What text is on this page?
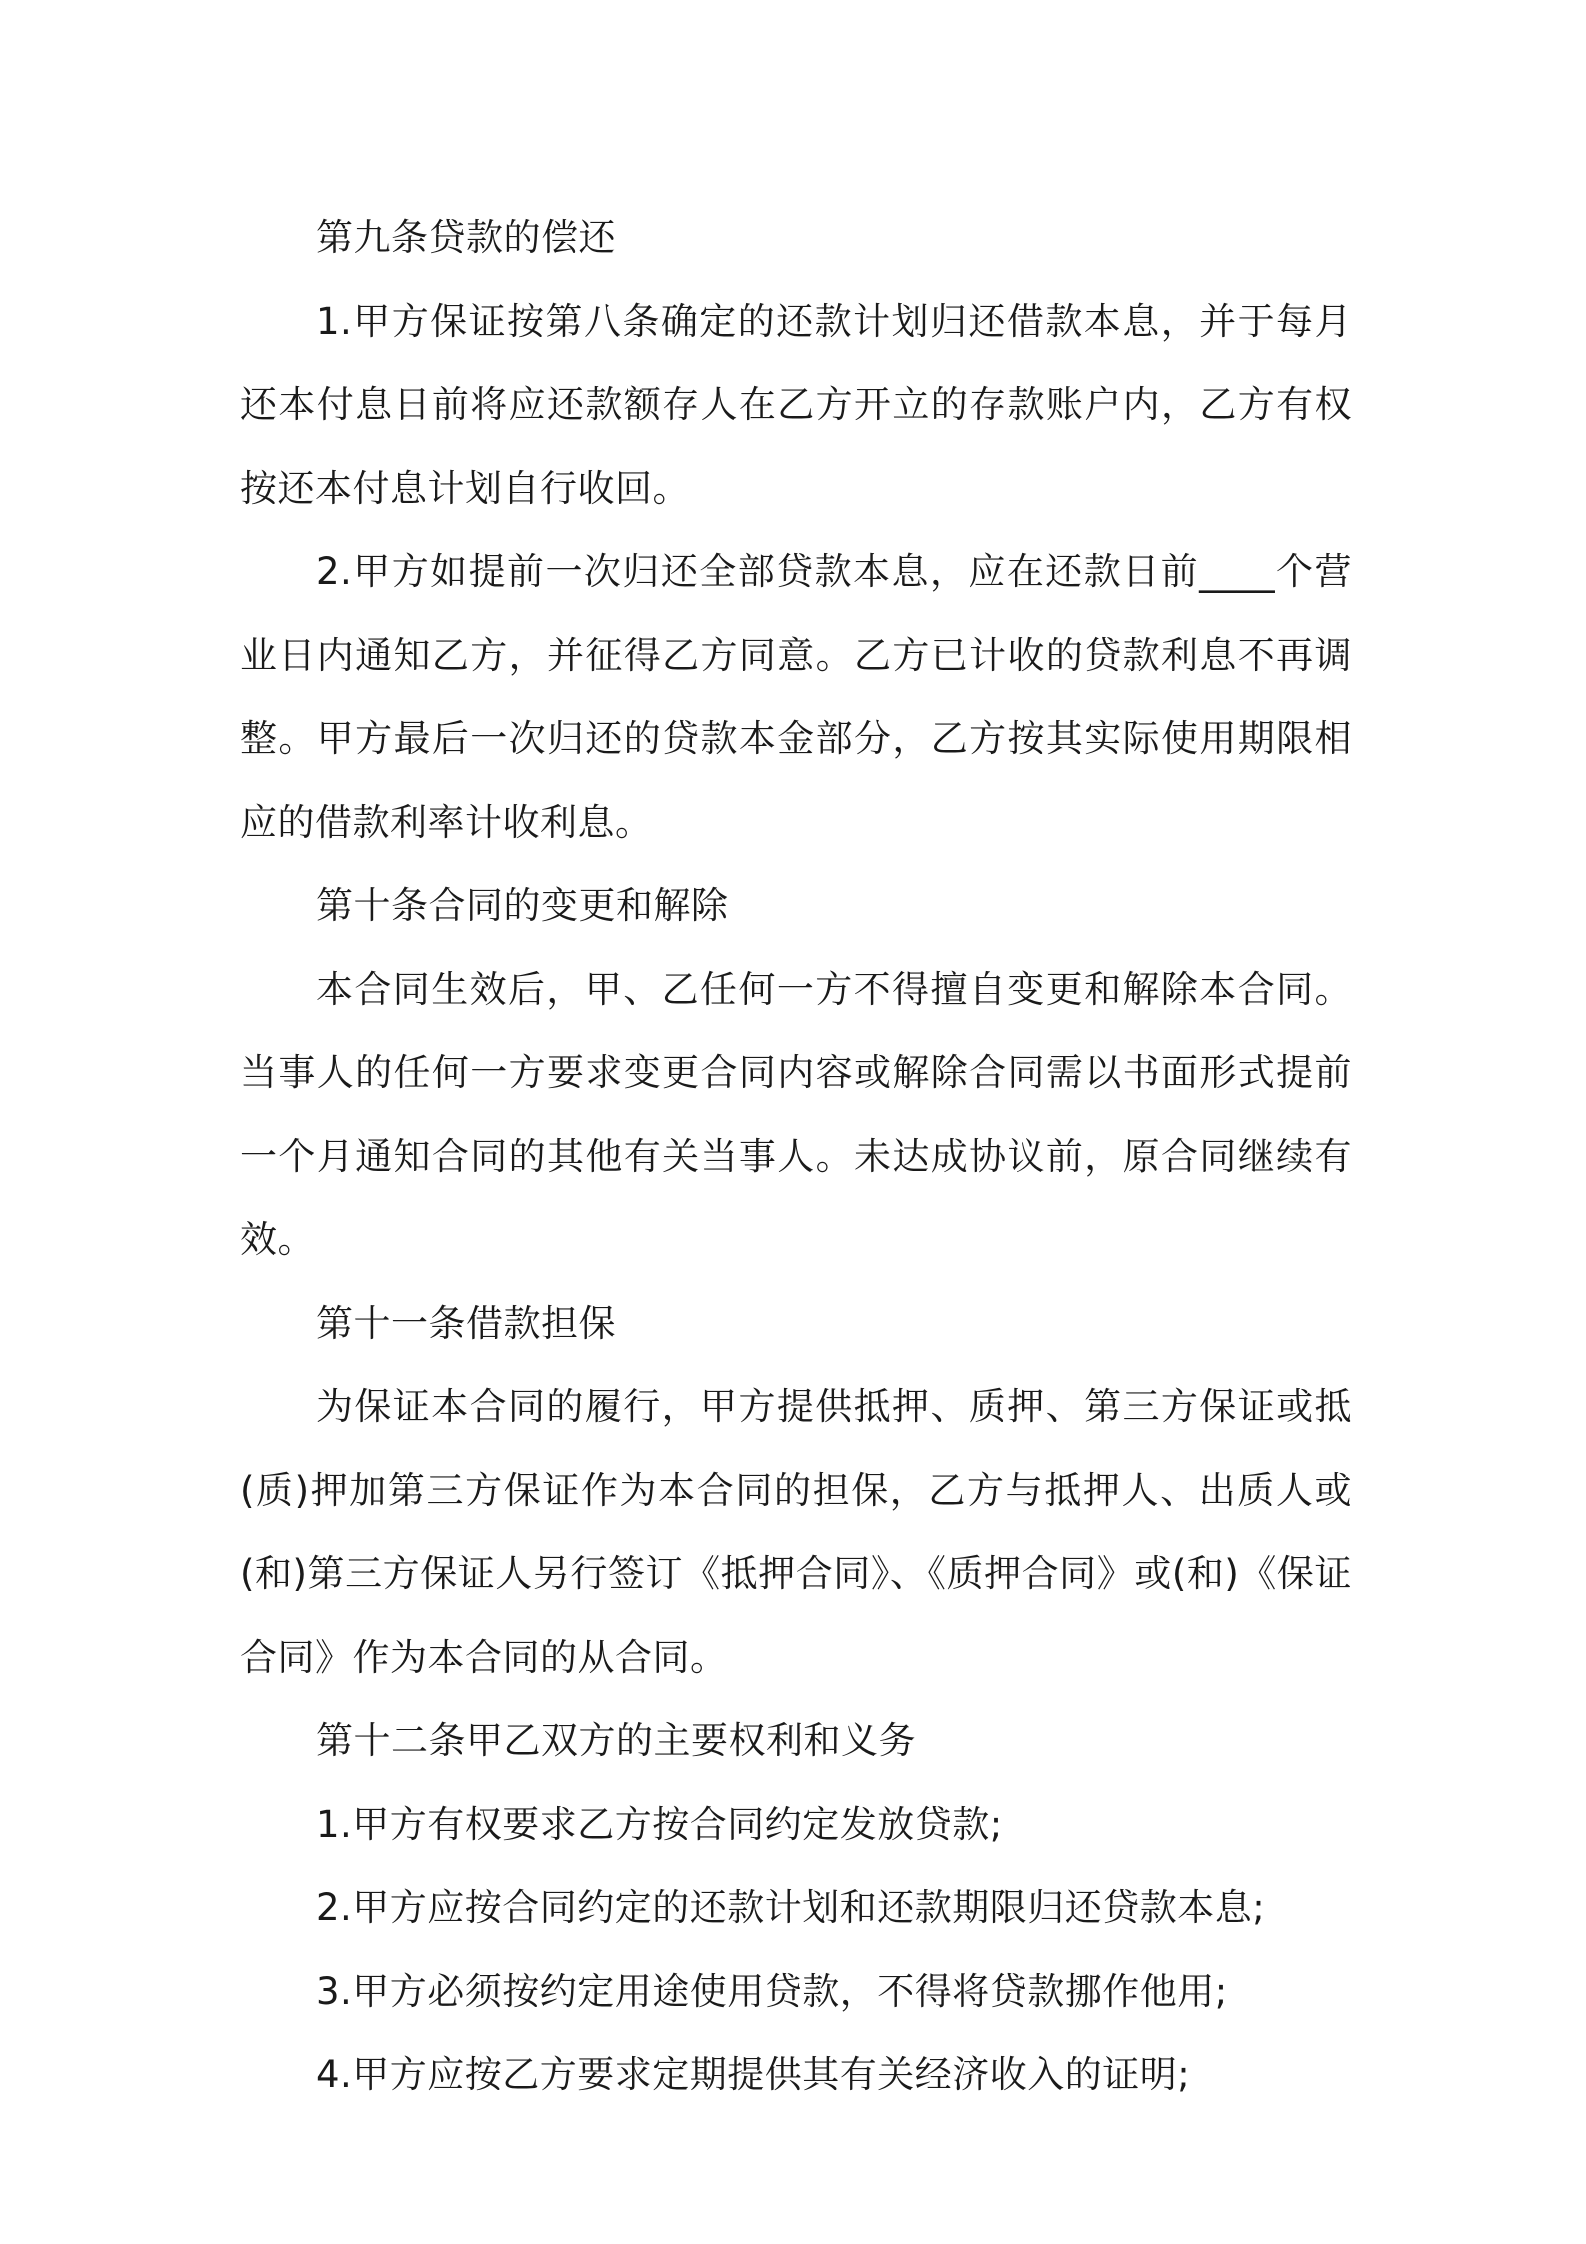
第九条贷款的偿还

1.甲方保证按第八条确定的还款计划归还借款本息，并于每月还本付息日前将应还款额存人在乙方开立的存款账户内，乙方有权按还本付息计划自行收回。

2.甲方如提前一次归还全部贷款本息，应在还款日前____个营业日内通知乙方，并征得乙方同意。乙方已计收的贷款利息不再调整。甲方最后一次归还的贷款本金部分，乙方按其实际使用期限相应的借款利率计收利息。

第十条合同的变更和解除

本合同生效后，甲、乙任何一方不得擅自变更和解除本合同。当事人的任何一方要求变更合同内容或解除合同需以书面形式提前一个月通知合同的其他有关当事人。未达成协议前，原合同继续有效。

第十一条借款担保

为保证本合同的履行，甲方提供抵押、质押、第三方保证或抵(质)押加第三方保证作为本合同的担保，乙方与抵押人、出质人或(和)第三方保证人另行签订《抵押合同》、《质押合同》或(和)《保证合同》作为本合同的从合同。

第十二条甲乙双方的主要权利和义务

1.甲方有权要求乙方按合同约定发放贷款;

2.甲方应按合同约定的还款计划和还款期限归还贷款本息;

3.甲方必须按约定用途使用贷款，不得将贷款挪作他用;

4.甲方应按乙方要求定期提供其有关经济收入的证明;
